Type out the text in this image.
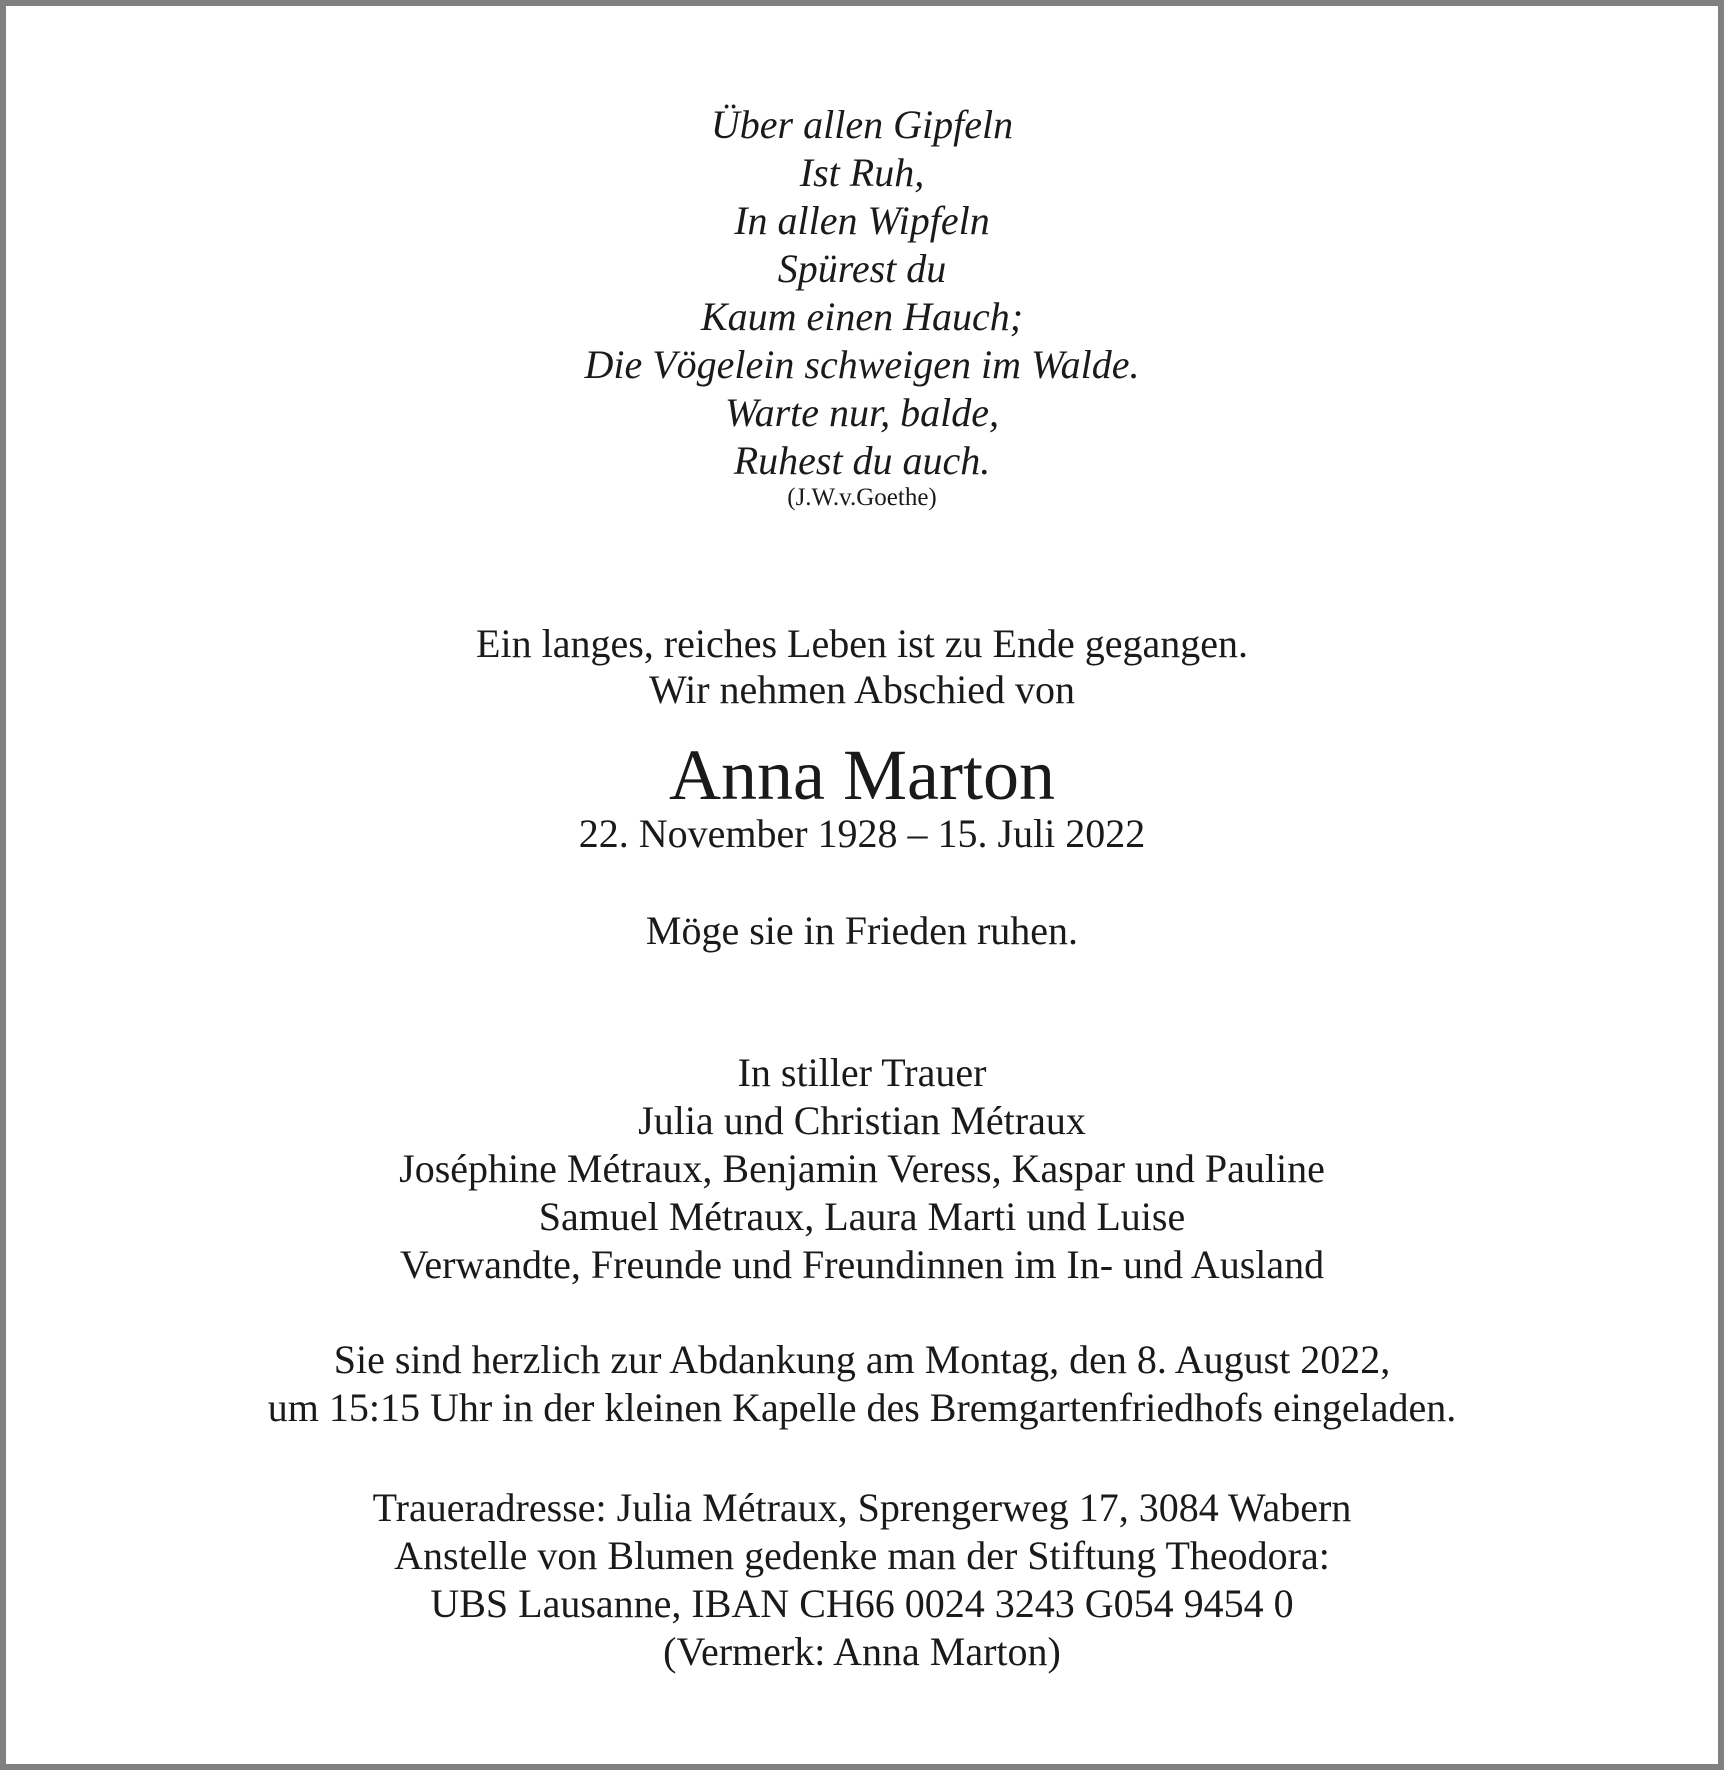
Über allen Gipfeln
Ist Ruh,
In allen Wipfeln
Spürest du
Kaum einen Hauch;
Die Vögelein schweigen im Walde.
Warte nur, balde,
Ruhest du auch.
(J.W.v.Goethe)
Ein langes, reiches Leben ist zu Ende gegangen.
Wir nehmen Abschied von
Anna Marton
22. November 1928 – 15. Juli 2022
Möge sie in Frieden ruhen.
In stiller Trauer
Julia und Christian Métraux
Joséphine Métraux, Benjamin Veress, Kaspar und Pauline
Samuel Métraux, Laura Marti und Luise
Verwandte, Freunde und Freundinnen im In- und Ausland
Sie sind herzlich zur Abdankung am Montag, den 8. August 2022,
um 15:15 Uhr in der kleinen Kapelle des Bremgartenfriedhofs eingeladen.
Traueradresse: Julia Métraux, Sprengerweg 17, 3084 Wabern
Anstelle von Blumen gedenke man der Stiftung Theodora:
UBS Lausanne, IBAN CH66 0024 3243 G054 9454 0
(Vermerk: Anna Marton)
